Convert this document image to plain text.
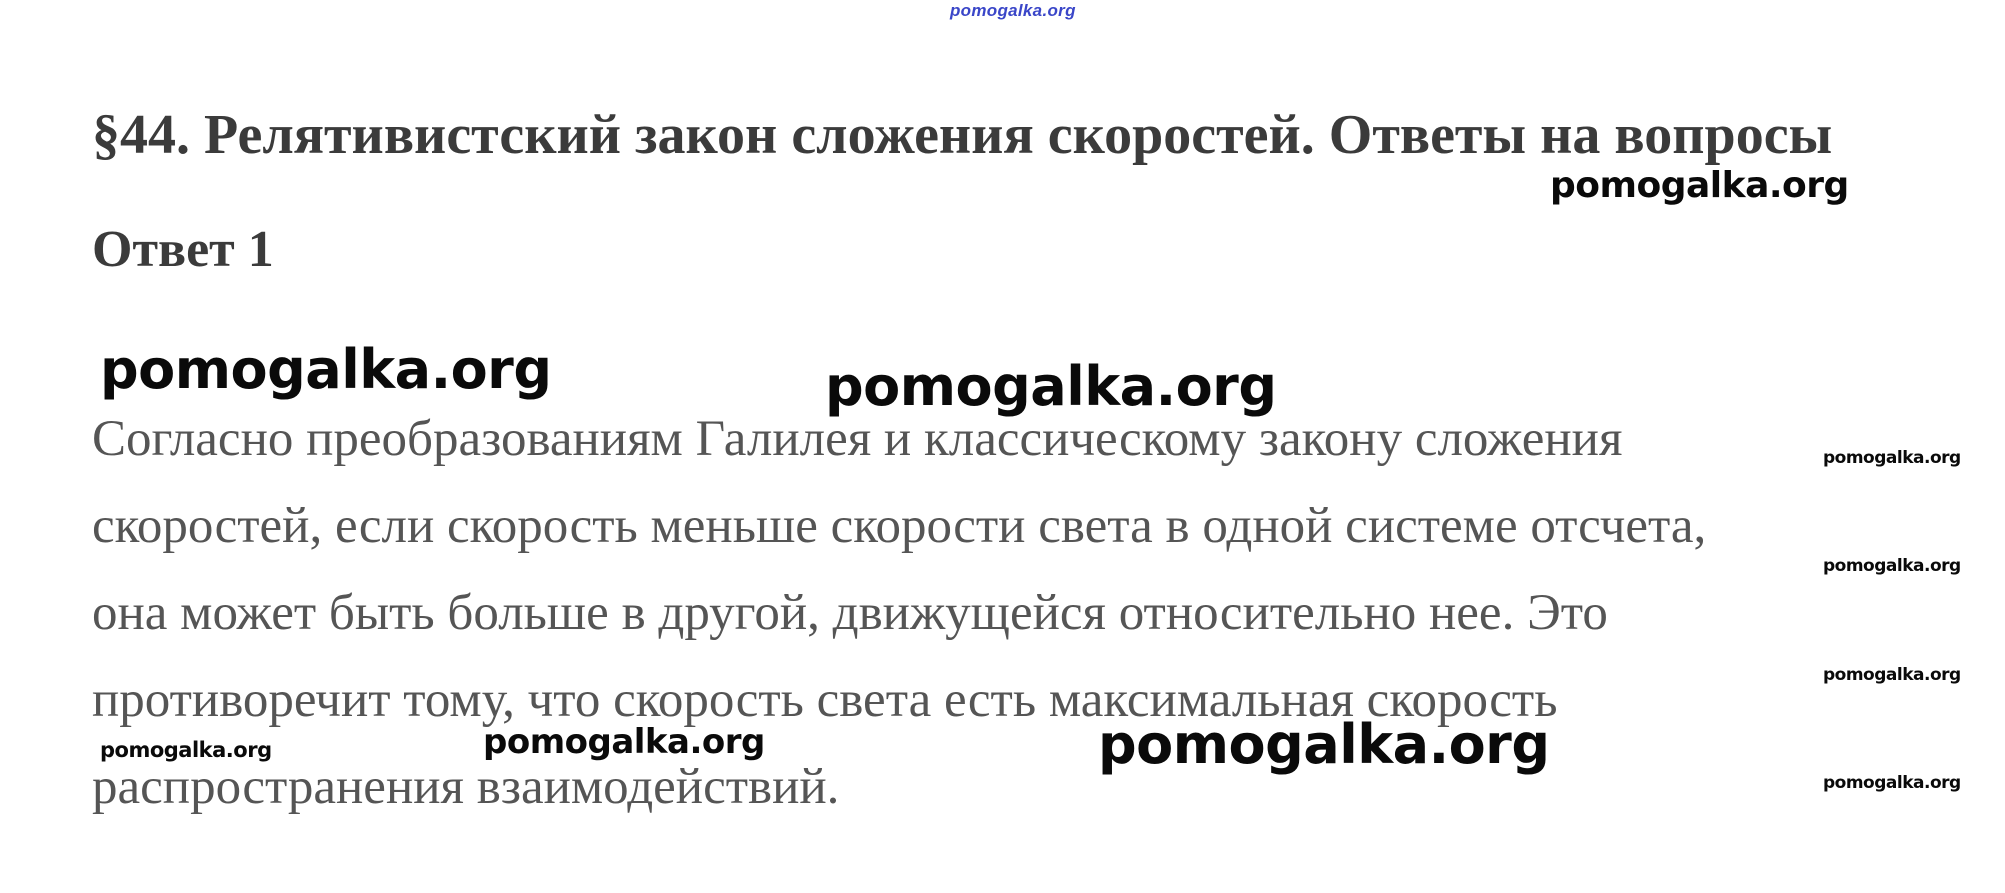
pomogalka.org
§44. Релятивистский закон сложения скоростей. Ответы на вопросы
Ответ 1

Согласно преобразованиям Галилея и классическому закону сложения
скоростей, если скорость меньше скорости света в одной системе отсчета,
она может быть больше в другой, движущейся относительно нее. Это
противоречит тому, что скорость света есть максимальная скорость
распространения взаимодействий.

pomogalka.org
pomogalka.org	pomogalka.org
pomogalka.org
pomogalka.org
pomogalka.org
pomogalka.org	pomogalka.org	pomogalka.org
pomogalka.org
